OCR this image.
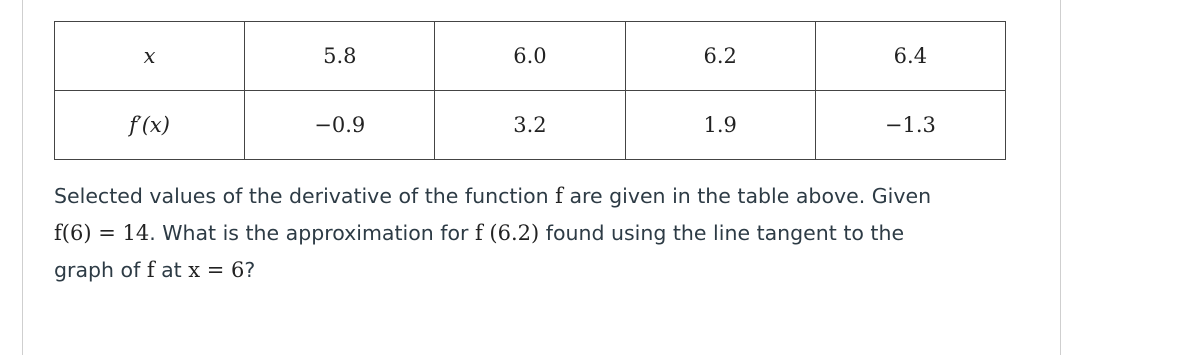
x	5.8	6.0	6.2	6.4
f′(x)	−0.9	3.2	1.9	−1.3
Selected values of the derivative of the function f are given in the table above. Given
f(6) = 14. What is the approximation for f (6.2) found using the line tangent to the
graph of f at x = 6?
